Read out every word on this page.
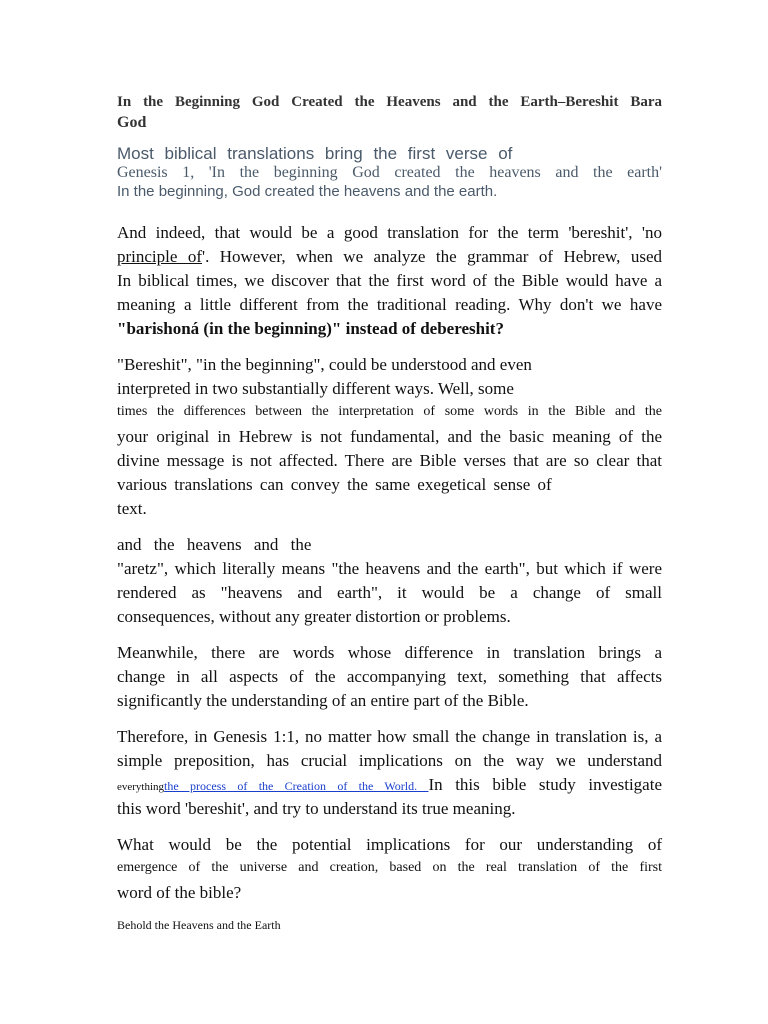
In the Beginning God Created the Heavens and the Earth–Bereshit Bara
God
Most biblical translations bring the first verse of
Genesis 1, 'In the beginning God created the heavens and the earth'
In the beginning, God created the heavens and the earth.
And indeed, that would be a good translation for the term 'bereshit', 'no
principle of'. However, when we analyze the grammar of Hebrew, used
In biblical times, we discover that the first word of the Bible would have a
meaning a little different from the traditional reading. Why don't we have
"barishoná (in the beginning)" instead of debereshit?
"Bereshit", "in the beginning", could be understood and even
interpreted in two substantially different ways. Well, some
times the differences between the interpretation of some words in the Bible and the
your original in Hebrew is not fundamental, and the basic meaning of the
divine message is not affected. There are Bible verses that are so clear that
various translations can convey the same exegetical sense of
text.
and the heavens and the
"aretz", which literally means "the heavens and the earth", but which if were
rendered as "heavens and earth", it would be a change of small
consequences, without any greater distortion or problems.
Meanwhile, there are words whose difference in translation brings a
change in all aspects of the accompanying text, something that affects
significantly the understanding of an entire part of the Bible.
Therefore, in Genesis 1:1, no matter how small the change in translation is, a
simple preposition, has crucial implications on the way we understand
everythingthe process of the Creation of the World. In this bible study investigate
this word 'bereshit', and try to understand its true meaning.
What would be the potential implications for our understanding of
emergence of the universe and creation, based on the real translation of the first
word of the bible?
Behold the Heavens and the Earth
